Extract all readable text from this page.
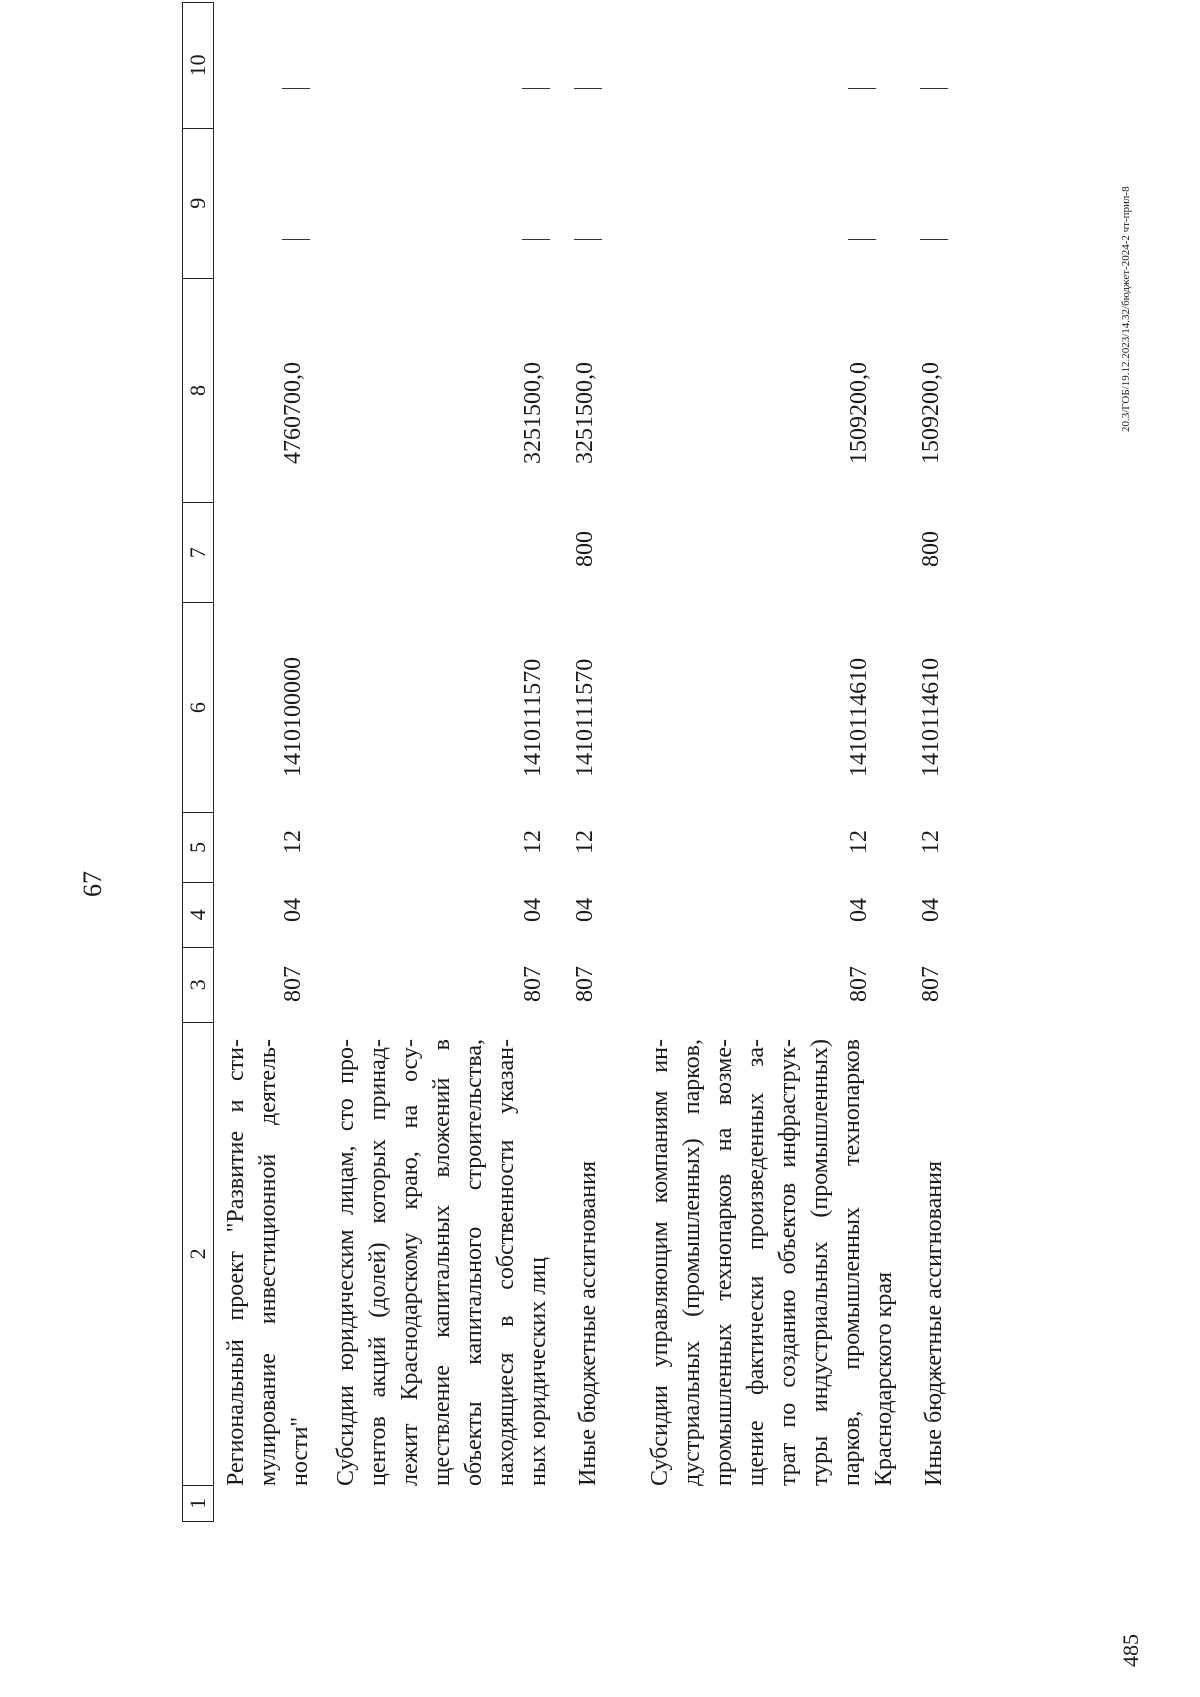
67
1
2
3
4
5
6
7
8
9
10
Региональный проект "Развитие и сти- мулирование инвестиционной деятель- ности"
807
04
12
1410100000
4760700,0
Субсидии юридическим лицам, сто про- центов акций (долей) которых принад- лежит Краснодарскому краю, на осу- ществление капитальных вложений в объекты капитального строительства, находящиеся в собственности указан- ных юридических лиц
807
04
12
1410111570
3251500,0
Иные бюджетные ассигнования
807
04
12
1410111570
800
3251500,0
Субсидии управляющим компаниям ин- дустриальных (промышленных) парков, промышленных технопарков на возме- щение фактически произведенных за- трат по созданию объектов инфраструк- туры индустриальных (промышленных) парков, промышленных технопарков Краснодарского края
807
04
12
1410114610
1509200,0
Иные бюджетные ассигнования
807
04
12
1410114610
800
1509200,0	20.3/ГОБ/19.12.2023/14.32/бюджет-2024-2 чт-прил-8
485
